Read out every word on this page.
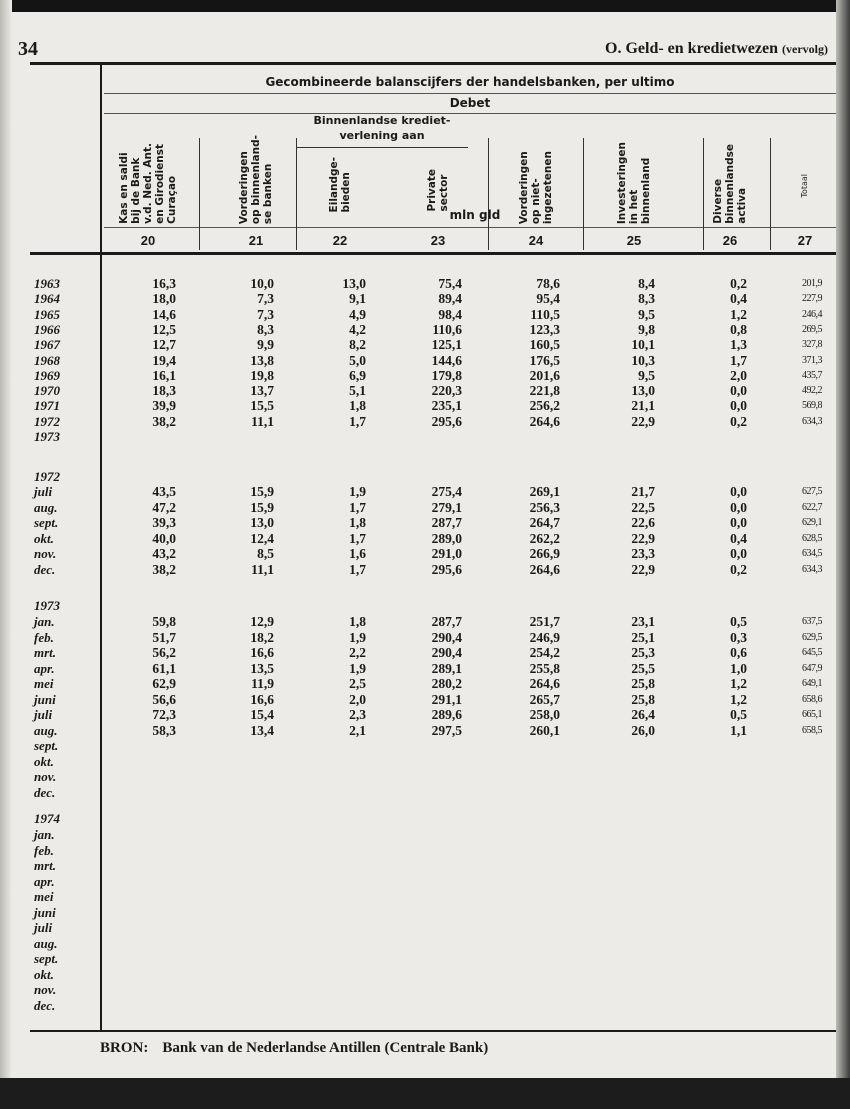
34	O. Geld- en kredietwezen (vervolg)
Gecombineerde balanscijfers der handelsbanken, per ultimo
Debet
Binnenlandse krediet-
verlening aan
mln gld
Kas en saldi
bij de Bank
v.d. Ned. Ant.
en Girodienst
Curaçao
20
Vorderingen
op binnenland-
se banken
21
Eilandge-
bieden
22
Private
sector
23
Vorderingen
op niet-
ingezetenen
24
Investeringen
in het
binnenland
25
Diverse
binnenlandse
activa
26
Totaal
27
1963	16,3	10,0	13,0	75,4	78,6	8,4	0,2	201,9
1964	18,0	7,3	9,1	89,4	95,4	8,3	0,4	227,9
1965	14,6	7,3	4,9	98,4	110,5	9,5	1,2	246,4
1966	12,5	8,3	4,2	110,6	123,3	9,8	0,8	269,5
1967	12,7	9,9	8,2	125,1	160,5	10,1	1,3	327,8
1968	19,4	13,8	5,0	144,6	176,5	10,3	1,7	371,3
1969	16,1	19,8	6,9	179,8	201,6	9,5	2,0	435,7
1970	18,3	13,7	5,1	220,3	221,8	13,0	0,0	492,2
1971	39,9	15,5	1,8	235,1	256,2	21,1	0,0	569,8
1972	38,2	11,1	1,7	295,6	264,6	22,9	0,2	634,3
1973
1972
juli	43,5	15,9	1,9	275,4	269,1	21,7	0,0	627,5
aug.	47,2	15,9	1,7	279,1	256,3	22,5	0,0	622,7
sept.	39,3	13,0	1,8	287,7	264,7	22,6	0,0	629,1
okt.	40,0	12,4	1,7	289,0	262,2	22,9	0,4	628,5
nov.	43,2	8,5	1,6	291,0	266,9	23,3	0,0	634,5
dec.	38,2	11,1	1,7	295,6	264,6	22,9	0,2	634,3
1973
jan.	59,8	12,9	1,8	287,7	251,7	23,1	0,5	637,5
feb.	51,7	18,2	1,9	290,4	246,9	25,1	0,3	629,5
mrt.	56,2	16,6	2,2	290,4	254,2	25,3	0,6	645,5
apr.	61,1	13,5	1,9	289,1	255,8	25,5	1,0	647,9
mei	62,9	11,9	2,5	280,2	264,6	25,8	1,2	649,1
juni	56,6	16,6	2,0	291,1	265,7	25,8	1,2	658,6
juli	72,3	15,4	2,3	289,6	258,0	26,4	0,5	665,1
aug.	58,3	13,4	2,1	297,5	260,1	26,0	1,1	658,5
sept.
okt.
nov.
dec.
1974
jan.
feb.
mrt.
apr.
mei
juni
juli
aug.
sept.
okt.
nov.
dec.
BRON: Bank van de Nederlandse Antillen (Centrale Bank)
